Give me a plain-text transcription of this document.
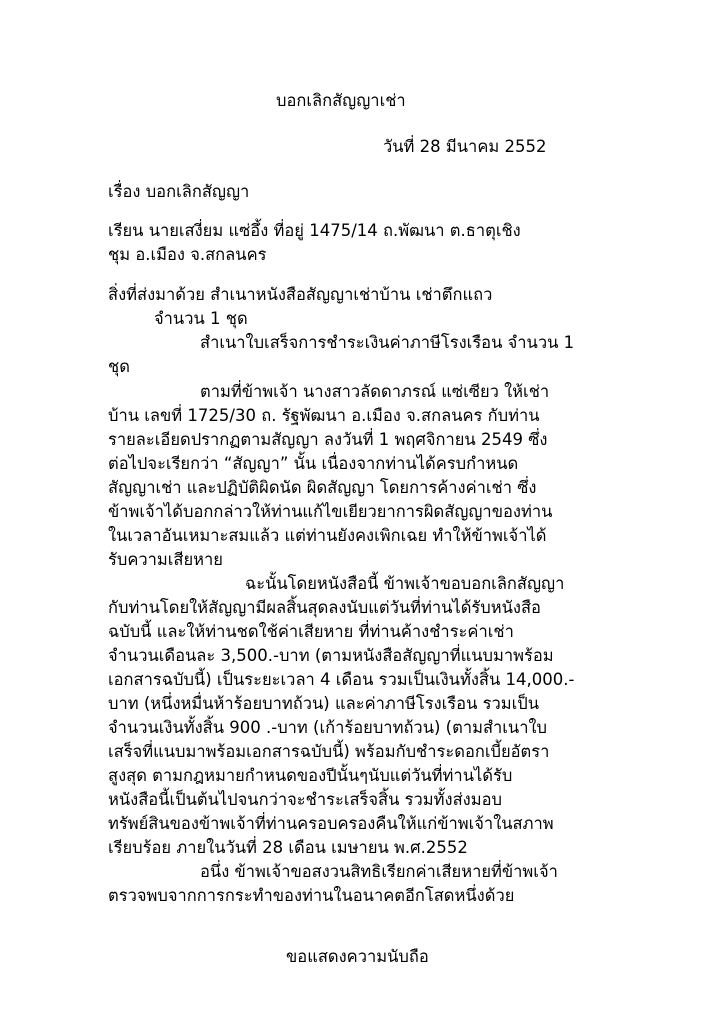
บอกเลิกสัญญาเช่า
วันที่ 28 มีนาคม 2552
เรื่อง บอกเลิกสัญญา
เรียน นายเสงี่ยม แซ่อึ้ง ที่อยู่ 1475/14 ถ.พัฒนา ต.ธาตุเชิง
ชุม อ.เมือง จ.สกลนคร
สิ่งที่ส่งมาด้วย สำเนาหนังสือสัญญาเช่าบ้าน เช่าตึกแถว
จำนวน 1 ชุด
สำเนาใบเสร็จการชำระเงินค่าภาษีโรงเรือน จำนวน 1
ชุด
ตามที่ข้าพเจ้า นางสาวลัดดาภรณ์ แซ่เซียว ให้เช่า
บ้าน เลขที่ 1725/30 ถ. รัฐพัฒนา อ.เมือง จ.สกลนคร กับท่าน
รายละเอียดปรากฏตามสัญญา ลงวันที่ 1 พฤศจิกายน 2549 ซึ่ง
ต่อไปจะเรียกว่า “สัญญา” นั้น เนื่องจากท่านได้ครบกำหนด
สัญญาเช่า และปฏิบัติผิดนัด ผิดสัญญา โดยการค้างค่าเช่า ซึ่ง
ข้าพเจ้าได้บอกกล่าวให้ท่านแก้ไขเยียวยาการผิดสัญญาของท่าน
ในเวลาอันเหมาะสมแล้ว แต่ท่านยังคงเพิกเฉย ทำให้ข้าพเจ้าได้
รับความเสียหาย
ฉะนั้นโดยหนังสือนี้ ข้าพเจ้าขอบอกเลิกสัญญา
กับท่านโดยให้สัญญามีผลสิ้นสุดลงนับแต่วันที่ท่านได้รับหนังสือ
ฉบับนี้ และให้ท่านชดใช้ค่าเสียหาย ที่ท่านค้างชำระค่าเช่า
จำนวนเดือนละ 3,500.-บาท (ตามหนังสือสัญญาที่แนบมาพร้อม
เอกสารฉบับนี้) เป็นระยะเวลา 4 เดือน รวมเป็นเงินทั้งสิ้น 14,000.-
บาท (หนึ่งหมื่นห้าร้อยบาทถ้วน) และค่าภาษีโรงเรือน รวมเป็น
จำนวนเงินทั้งสิ้น 900 .-บาท (เก้าร้อยบาทถ้วน) (ตามสำเนาใบ
เสร็จที่แนบมาพร้อมเอกสารฉบับนี้) พร้อมกับชำระดอกเบี้ยอัตรา
สูงสุด ตามกฎหมายกำหนดของปีนั้นๆนับแต่วันที่ท่านได้รับ
หนังสือนี้เป็นต้นไปจนกว่าจะชำระเสร็จสิ้น รวมทั้งส่งมอบ
ทรัพย์สินของข้าพเจ้าที่ท่านครอบครองคืนให้แก่ข้าพเจ้าในสภาพ
เรียบร้อย ภายในวันที่ 28 เดือน เมษายน พ.ศ.2552
อนึ่ง ข้าพเจ้าขอสงวนสิทธิเรียกค่าเสียหายที่ข้าพเจ้า
ตรวจพบจากการกระทำของท่านในอนาคตอีกโสดหนึ่งด้วย
ขอแสดงความนับถือ
